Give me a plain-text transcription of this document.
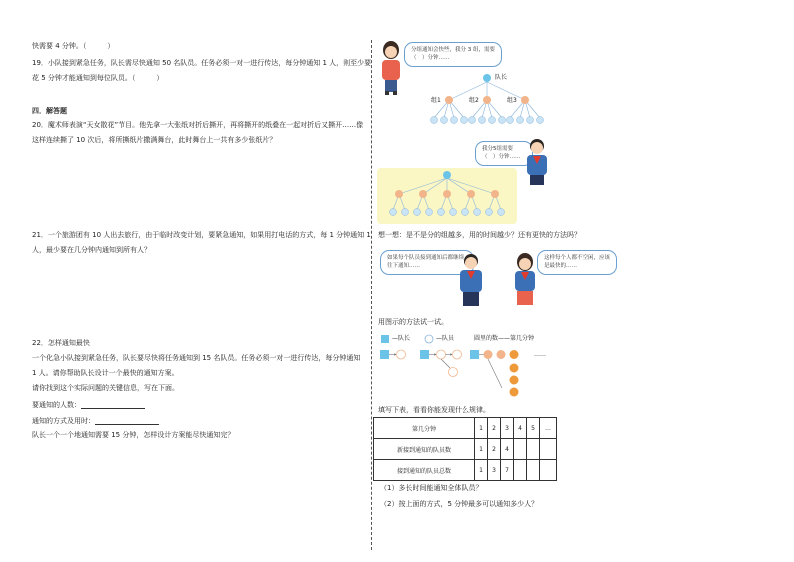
快需要 4 分钟。（　　　）
19．小队接到紧急任务，队长需尽快通知 50 名队员。任务必须一对一进行传达，每分钟通知 1 人，则至少要
花 5 分钟才能通知到每位队员。（　　　）
四．解答题
20．魔术师表演“天女散花”节目。他先拿一大张纸对折后撕开，再将撕开的纸叠在一起对折后又撕开……像
这样连续撕了 10 次后，将所撕纸片撒满舞台，此时舞台上一共有多少张纸片？
21．一个旅游团有 10 人出去旅行，由于临时改变计划，要紧急通知，如果用打电话的方式，每 1 分钟通知 1
人，最少要在几分钟内通知到所有人？
22．怎样通知最快
一个化急小队接到紧急任务，队长要尽快将任务通知到 15 名队员。任务必须一对一进行传达，每分钟通知
1 人。请你帮助队长设计一个最快的通知方案。
请你找到这个实际问题的关键信息，写在下面。
要通知的人数：
通知的方式及用时：
队长一个一个地通知需要 15 分钟，怎样设计方案能尽快通知完？
分组通知会快些，我分 3 组，需要（　）分钟……
队长
组1	组2	组3
我分5组需要（　）分钟……
想一想：是不是分的组越多，用的时间越少？还有更快的方法吗？
如果每个队员接到通知后都继续往下通知……
这样每个人都不空闲，应该是最快的……
用图示的方法试一试。
—队长	—队员	圆里的数——第几分钟
……
填写下表，看看你能发现什么规律。
第几分钟	1	2	3	4	5	…
新接到通知的队员数	1	2	4			
接到通知的队员总数	1	3	7			
（1）多长时间能通知全体队员？
（2）按上面的方式，5 分钟最多可以通知多少人？
